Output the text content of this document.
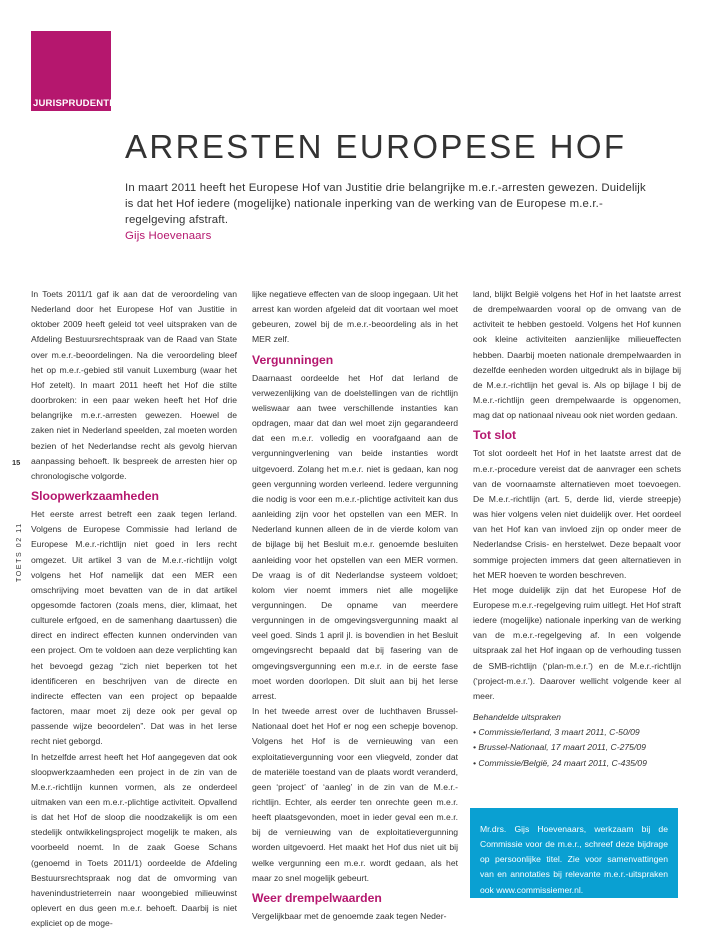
JURISPRUDENTIE
ARRESTEN EUROPESE HOF

In maart 2011 heeft het Europese Hof van Justitie drie belangrijke m.e.r.-arresten gewezen. Duidelijk is dat het Hof iedere (mogelijke) nationale inperking van de werking van de Europese m.e.r.-regelgeving afstraft.

Gijs Hoevenaars

15
TOETS 02 11

In Toets 2011/1 gaf ik aan dat de veroordeling van Nederland door het Europese Hof van Justitie in oktober 2009 heeft geleid tot veel uitspraken van de Afdeling Bestuursrechtspraak van de Raad van State over m.e.r.-beoordelingen. Na die veroordeling bleef het op m.e.r.-gebied stil vanuit Luxemburg (waar het Hof zetelt). In maart 2011 heeft het Hof die stilte doorbroken: in een paar weken heeft het Hof drie belangrijke m.e.r.-arresten gewezen. Hoewel de zaken niet in Nederland speelden, zal moeten worden bezien of het Nederlandse recht als gevolg hiervan aanpassing behoeft. Ik bespreek de arresten hier op chronologische volgorde.

Sloopwerkzaamheden

Het eerste arrest betreft een zaak tegen Ierland. Volgens de Europese Commissie had Ierland de Europese M.e.r.-richtlijn niet goed in Iers recht omgezet. Uit artikel 3 van de M.e.r.-richtlijn volgt volgens het Hof namelijk dat een MER een omschrijving moet bevatten van de in dat artikel opgesomde factoren (zoals mens, dier, klimaat, het culturele erfgoed, en de samenhang daartussen) die direct en indirect effecten kunnen ondervinden van een project. Om te voldoen aan deze verplichting kan het bevoegd gezag “zich niet beperken tot het identificeren en beschrijven van de directe en indirecte effecten van een project op bepaalde factoren, maar moet zij deze ook per geval op passende wijze beoordelen”. Dat was in het Ierse recht niet geborgd.

In hetzelfde arrest heeft het Hof aangegeven dat ook sloopwerkzaamheden een project in de zin van de M.e.r.-richtlijn kunnen vormen, als ze onderdeel uitmaken van een m.e.r.-plichtige activiteit. Opvallend is dat het Hof de sloop die noodzakelijk is om een stedelijk ontwikkelingsproject mogelijk te maken, als voorbeeld noemt. In de zaak Goese Schans (genoemd in Toets 2011/1) oordeelde de Afdeling Bestuursrechtspraak nog dat de omvorming van havenindustrieterrein naar woongebied milieuwinst oplevert en dus geen m.e.r. behoeft. Daarbij is niet expliciet op de moge-

lijke negatieve effecten van de sloop ingegaan. Uit het arrest kan worden afgeleid dat dit voortaan wel moet gebeuren, zowel bij de m.e.r.-beoordeling als in het MER zelf.

Vergunningen

Daarnaast oordeelde het Hof dat Ierland de verwezenlijking van de doelstellingen van de richtlijn weliswaar aan twee verschillende instanties kan opdragen, maar dat dan wel moet zijn gegarandeerd dat een m.e.r. volledig en voorafgaand aan de vergunningverlening van beide instanties wordt uitgevoerd. Zolang het m.e.r. niet is gedaan, kan nog geen vergunning worden verleend. Iedere vergunning die nodig is voor een m.e.r.-plichtige activiteit kan dus aanleiding zijn voor het opstellen van een MER. In Nederland kunnen alleen de in de vierde kolom van de bijlage bij het Besluit m.e.r. genoemde besluiten aanleiding voor het opstellen van een MER vormen. De vraag is of dit Nederlandse systeem voldoet; kolom vier noemt immers niet alle mogelijke vergunningen. De opname van meerdere vergunningen in de omgevingsvergunning maakt al veel goed. Sinds 1 april jl. is bovendien in het Besluit omgevingsrecht bepaald dat bij fasering van de omgevingsvergunning een m.e.r. in de eerste fase moet worden doorlopen. Dit sluit aan bij het Ierse arrest.

In het tweede arrest over de luchthaven Brussel-Nationaal doet het Hof er nog een schepje bovenop. Volgens het Hof is de vernieuwing van een exploitatievergunning voor een vliegveld, zonder dat de materiële toestand van de plaats wordt veranderd, geen ‘project’ of ‘aanleg’ in de zin van de M.e.r.-richtlijn. Echter, als eerder ten onrechte geen m.e.r. heeft plaatsgevonden, moet in ieder geval een m.e.r. bij de vernieuwing van de exploitatievergunning worden uitgevoerd. Het maakt het Hof dus niet uit bij welke vergunning een m.e.r. wordt gedaan, als het maar zo snel mogelijk gebeurt.

Weer drempelwaarden

Vergelijkbaar met de genoemde zaak tegen Neder-

land, blijkt België volgens het Hof in het laatste arrest de drempelwaarden vooral op de omvang van de activiteit te hebben gestoeld. Volgens het Hof kunnen ook kleine activiteiten aanzienlijke milieueffecten hebben. Daarbij moeten nationale drempelwaarden in dezelfde eenheden worden uitgedrukt als in bijlage bij de M.e.r.-richtlijn het geval is. Als op bijlage I bij de M.e.r.-richtlijn geen drempelwaarde is opgenomen, mag dat op nationaal niveau ook niet worden gedaan.

Tot slot

Tot slot oordeelt het Hof in het laatste arrest dat de m.e.r.-procedure vereist dat de aanvrager een schets van de voornaamste alternatieven moet toevoegen. De M.e.r.-richtlijn (art. 5, derde lid, vierde streepje) was hier volgens velen niet duidelijk over. Het oordeel van het Hof kan van invloed zijn op onder meer de Nederlandse Crisis- en herstelwet. Deze bepaalt voor sommige projecten immers dat geen alternatieven in het MER hoeven te worden beschreven.

Het moge duidelijk zijn dat het Europese Hof de Europese m.e.r.-regelgeving ruim uitlegt. Het Hof straft iedere (mogelijke) nationale inperking van de werking van de m.e.r.-regelgeving af. In een volgende uitspraak zal het Hof ingaan op de verhouding tussen de SMB-richtlijn (‘plan-m.e.r.’) en de M.e.r.-richtlijn (‘project-m.e.r.’). Daarover wellicht volgende keer al meer.

Behandelde uitspraken

• Commissie/Ierland, 3 maart 2011, C-50/09

• Brussel-Nationaal, 17 maart 2011, C-275/09

• Commissie/België, 24 maart 2011, C-435/09

Mr.drs. Gijs Hoevenaars, werkzaam bij de Commissie voor de m.e.r., schreef deze bijdrage op persoonlijke titel. Zie voor samenvattingen van en annotaties bij relevante m.e.r.-uitspraken ook www.commissiemer.nl.
